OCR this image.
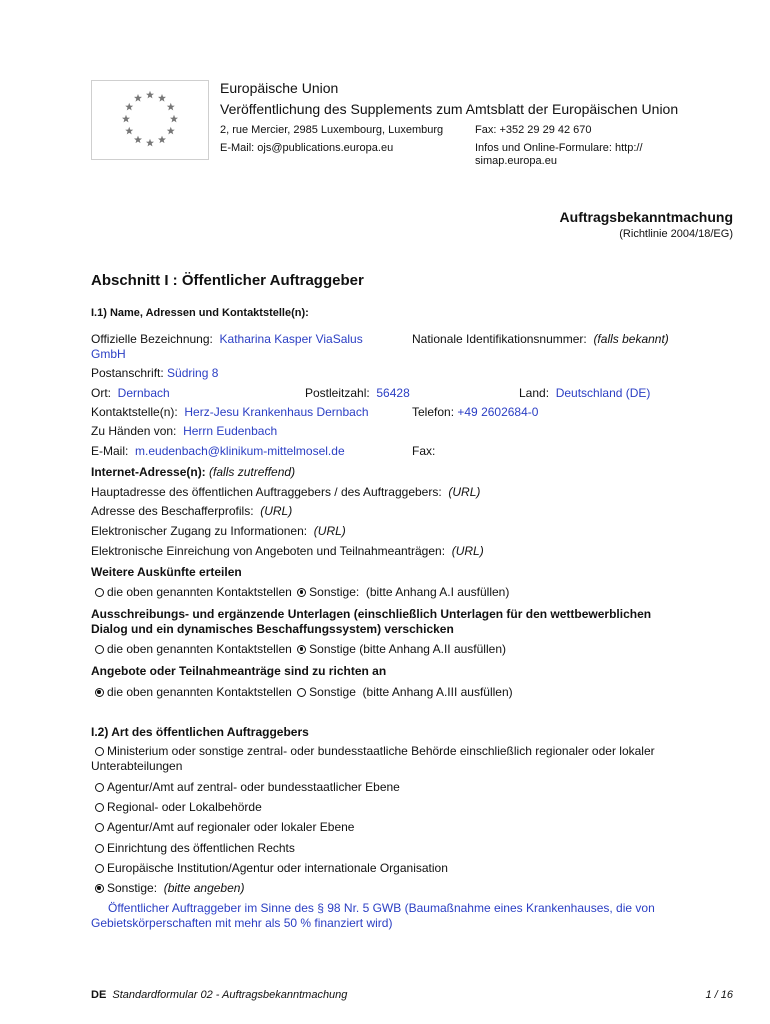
Europäische Union
Veröffentlichung des Supplements zum Amtsblatt der Europäischen Union
2, rue Mercier, 2985 Luxembourg, Luxemburg	Fax: +352 29 29 42 670
E-Mail: ojs@publications.europa.eu	Infos und Online-Formulare: http://
simap.europa.eu
Auftragsbekanntmachung
(Richtlinie 2004/18/EG)
Abschnitt I : Öffentlicher Auftraggeber
I.1) Name, Adressen und Kontaktstelle(n):
Offizielle Bezeichnung: Katharina Kasper ViaSalus
GmbH
Nationale Identifikationsnummer: (falls bekannt)
Postanschrift: Südring 8
Ort: Dernbach	Postleitzahl: 56428	Land: Deutschland (DE)
Kontaktstelle(n): Herz-Jesu Krankenhaus Dernbach	Telefon: +49 2602684-0
Zu Händen von: Herrn Eudenbach
E-Mail: m.eudenbach@klinikum-mittelmosel.de	Fax:
Internet-Adresse(n): (falls zutreffend)
Hauptadresse des öffentlichen Auftraggebers / des Auftraggebers: (URL)
Adresse des Beschafferprofils: (URL)
Elektronischer Zugang zu Informationen: (URL)
Elektronische Einreichung von Angeboten und Teilnahmeanträgen: (URL)
Weitere Auskünfte erteilen
die oben genannten Kontaktstellen Sonstige: (bitte Anhang A.I ausfüllen)
Ausschreibungs- und ergänzende Unterlagen (einschließlich Unterlagen für den wettbewerblichen
Dialog und ein dynamisches Beschaffungssystem) verschicken
die oben genannten Kontaktstellen Sonstige (bitte Anhang A.II ausfüllen)
Angebote oder Teilnahmeanträge sind zu richten an
die oben genannten Kontaktstellen Sonstige (bitte Anhang A.III ausfüllen)
I.2) Art des öffentlichen Auftraggebers
Ministerium oder sonstige zentral- oder bundesstaatliche Behörde einschließlich regionaler oder lokaler
Unterabteilungen
Agentur/Amt auf zentral- oder bundesstaatlicher Ebene
Regional- oder Lokalbehörde
Agentur/Amt auf regionaler oder lokaler Ebene
Einrichtung des öffentlichen Rechts
Europäische Institution/Agentur oder internationale Organisation
Sonstige: (bitte angeben)
Öffentlicher Auftraggeber im Sinne des § 98 Nr. 5 GWB (Baumaßnahme eines Krankenhauses, die von
Gebietskörperschaften mit mehr als 50 % finanziert wird)
DE Standardformular 02 - Auftragsbekanntmachung	1 / 16
